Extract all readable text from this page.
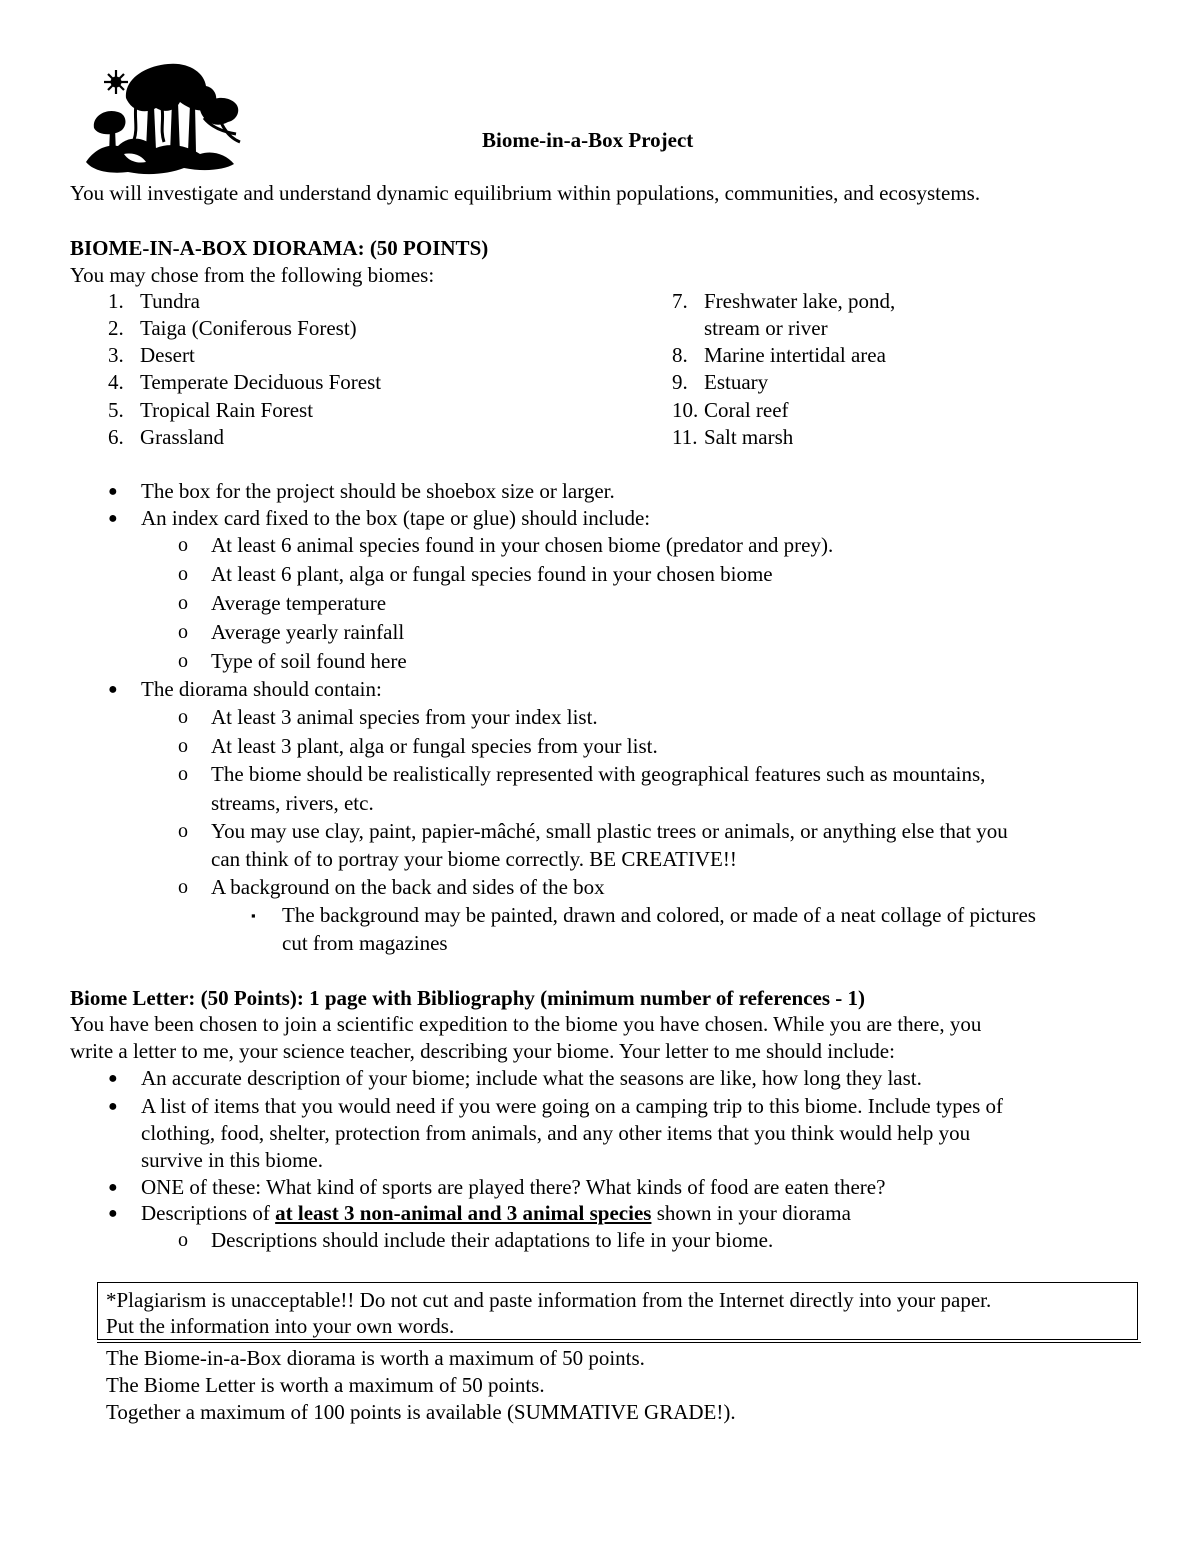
Biome-in-a-Box Project
You will investigate and understand dynamic equilibrium within populations, communities, and ecosystems.
BIOME-IN-A-BOX DIORAMA: (50 POINTS)
You may chose from the following biomes:
1. Tundra
2. Taiga (Coniferous Forest)
3. Desert
4. Temperate Deciduous Forest
5. Tropical Rain Forest
6. Grassland
7. Freshwater lake, pond,
stream or river
8. Marine intertidal area
9. Estuary
10. Coral reef
11. Salt marsh
● The box for the project should be shoebox size or larger.
● An index card fixed to the box (tape or glue) should include:
o At least 6 animal species found in your chosen biome (predator and prey).
o At least 6 plant, alga or fungal species found in your chosen biome
o Average temperature
o Average yearly rainfall
o Type of soil found here
● The diorama should contain:
o At least 3 animal species from your index list.
o At least 3 plant, alga or fungal species from your list.
o The biome should be realistically represented with geographical features such as mountains,
streams, rivers, etc.
o You may use clay, paint, papier-mâché, small plastic trees or animals, or anything else that you
can think of to portray your biome correctly. BE CREATIVE!!
o A background on the back and sides of the box
▪ The background may be painted, drawn and colored, or made of a neat collage of pictures
cut from magazines
Biome Letter: (50 Points): 1 page with Bibliography (minimum number of references - 1)
You have been chosen to join a scientific expedition to the biome you have chosen. While you are there, you
write a letter to me, your science teacher, describing your biome. Your letter to me should include:
● An accurate description of your biome; include what the seasons are like, how long they last.
● A list of items that you would need if you were going on a camping trip to this biome. Include types of
clothing, food, shelter, protection from animals, and any other items that you think would help you
survive in this biome.
● ONE of these: What kind of sports are played there? What kinds of food are eaten there?
● Descriptions of at least 3 non-animal and 3 animal species shown in your diorama
o Descriptions should include their adaptations to life in your biome.
*Plagiarism is unacceptable!! Do not cut and paste information from the Internet directly into your paper.
Put the information into your own words.
The Biome-in-a-Box diorama is worth a maximum of 50 points.
The Biome Letter is worth a maximum of 50 points.
Together a maximum of 100 points is available (SUMMATIVE GRADE!).
